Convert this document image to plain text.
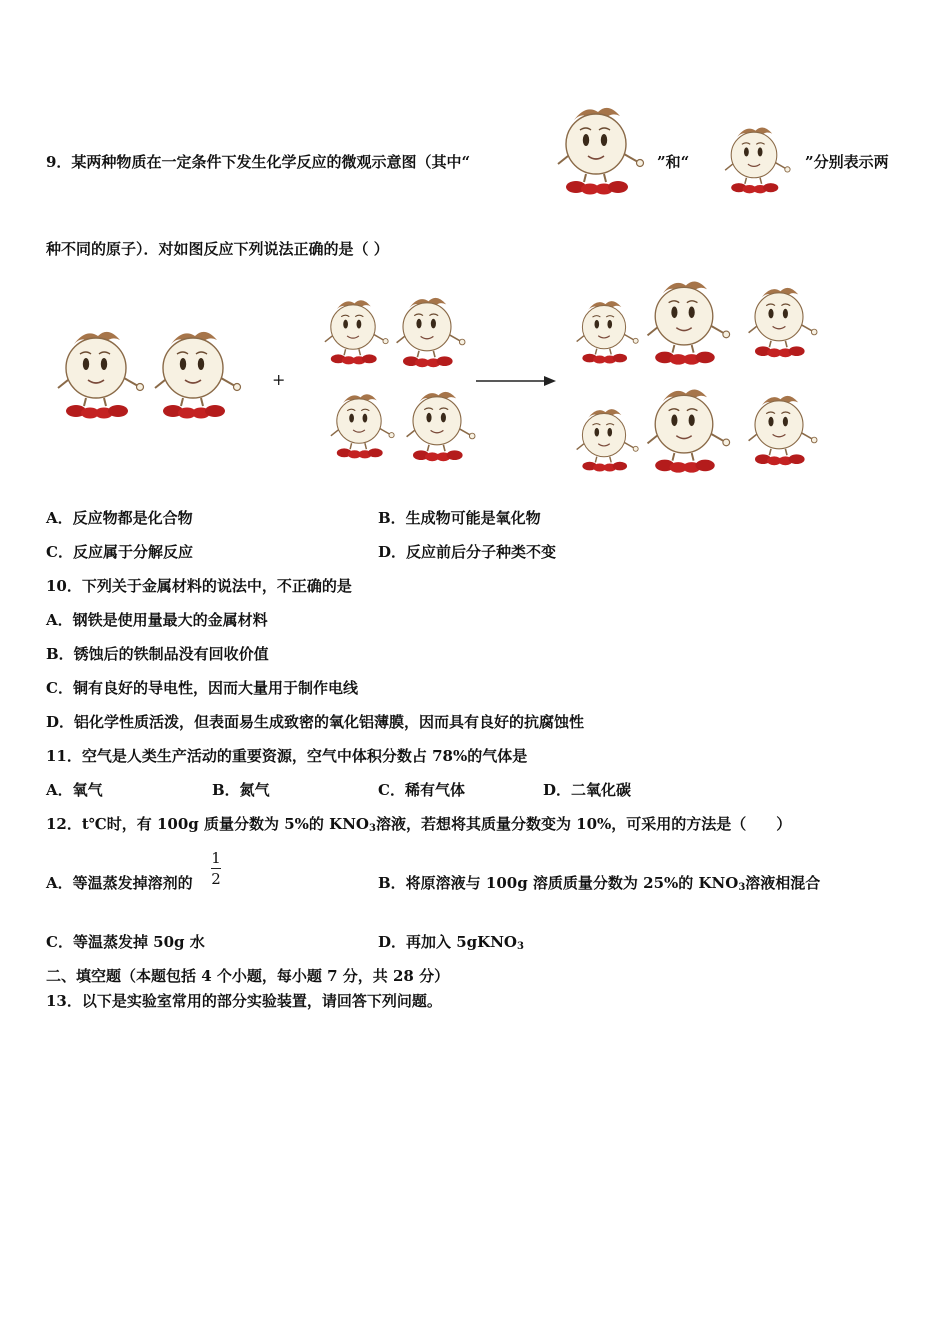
9．某两种物质在一定条件下发生化学反应的微观示意图（其中“	”和“	”分别表示两
种不同的原子）．对如图反应下列说法正确的是（ ）
+
A．反应物都是化合物	B．生成物可能是氧化物
C．反应属于分解反应	D．反应前后分子种类不变
10．下列关于金属材料的说法中，不正确的是
A．钢铁是使用量最大的金属材料
B．锈蚀后的铁制品没有回收价值
C．铜有良好的导电性，因而大量用于制作电线
D．铝化学性质活泼，但表面易生成致密的氧化铝薄膜，因而具有良好的抗腐蚀性
11．空气是人类生产活动的重要资源，空气中体积分数占 78%的气体是
A．氧气	B．氮气	C．稀有气体	D．二氧化碳
12．t℃时，有 100g 质量分数为 5%的 $KNO_3$溶液，若想将其质量分数变为 10%，可采用的方法是（　　）
A．等温蒸发掉溶剂的
1
2	B．将原溶液与 100g 溶质质量分数为 25%的 $KNO_3$溶液相混合
C．等温蒸发掉 50g 水	D．再加入 5gKNO$_3$
二、填空题（本题包括 4 个小题，每小题 7 分，共 28 分）
13．以下是实验室常用的部分实验装置，请回答下列问题。
